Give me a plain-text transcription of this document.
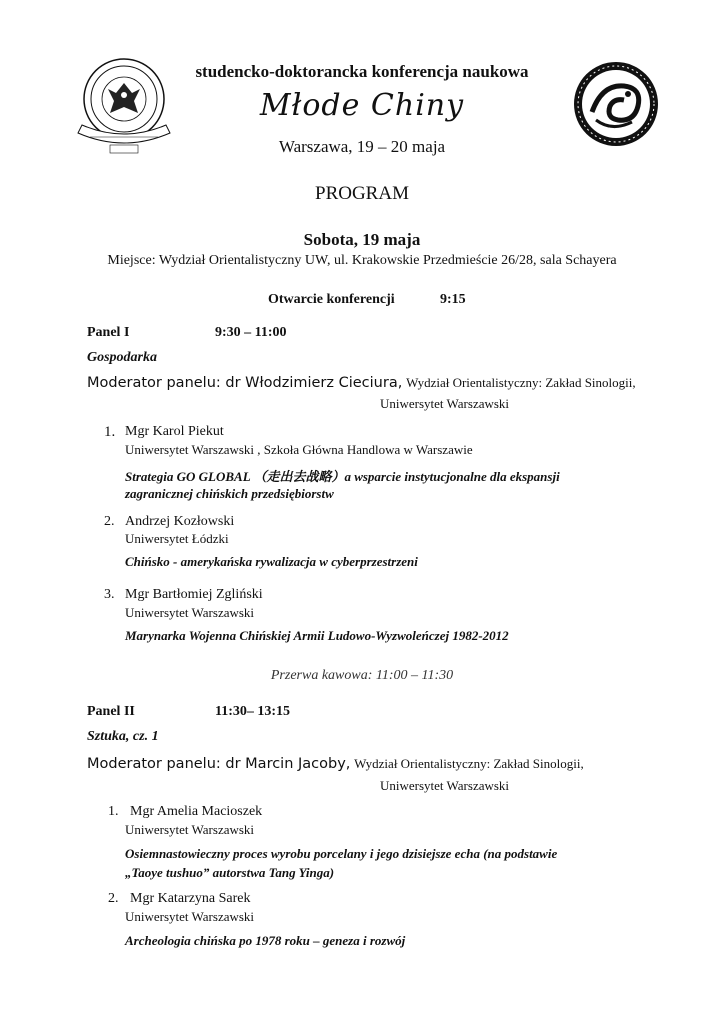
studencko-doktorancka konferencja naukowa
Młode Chiny
Warszawa, 19 – 20 maja
PROGRAM
Sobota, 19 maja
Miejsce: Wydział Orientalistyczny UW, ul. Krakowskie Przedmieście 26/28, sala Schayera
Otwarcie konferencji	9:15
Panel I	9:30 – 11:00
Gospodarka
Moderator panelu: dr Włodzimierz Cieciura, Wydział Orientalistyczny: Zakład Sinologii,
Uniwersytet Warszawski
1. Mgr Karol Piekut
Uniwersytet Warszawski , Szkoła Główna Handlowa w Warszawie
Strategia GO GLOBAL （走出去战略）a wsparcie instytucjonalne dla ekspansji
zagranicznej chińskich przedsiębiorstw
2. Andrzej Kozłowski
Uniwersytet Łódzki
Chińsko - amerykańska rywalizacja w cyberprzestrzeni
3. Mgr Bartłomiej Zgliński
Uniwersytet Warszawski
Marynarka Wojenna Chińskiej Armii Ludowo-Wyzwoleńczej 1982-2012
Przerwa kawowa: 11:00 – 11:30
Panel II	11:30– 13:15
Sztuka, cz. 1
Moderator panelu: dr Marcin Jacoby, Wydział Orientalistyczny: Zakład Sinologii,
Uniwersytet Warszawski
1. Mgr Amelia Macioszek
Uniwersytet Warszawski
Osiemnastowieczny proces wyrobu porcelany i jego dzisiejsze echa (na podstawie
„Taoye tushuo” autorstwa Tang Yinga)
2. Mgr Katarzyna Sarek
Uniwersytet Warszawski
Archeologia chińska po 1978 roku – geneza i rozwój
